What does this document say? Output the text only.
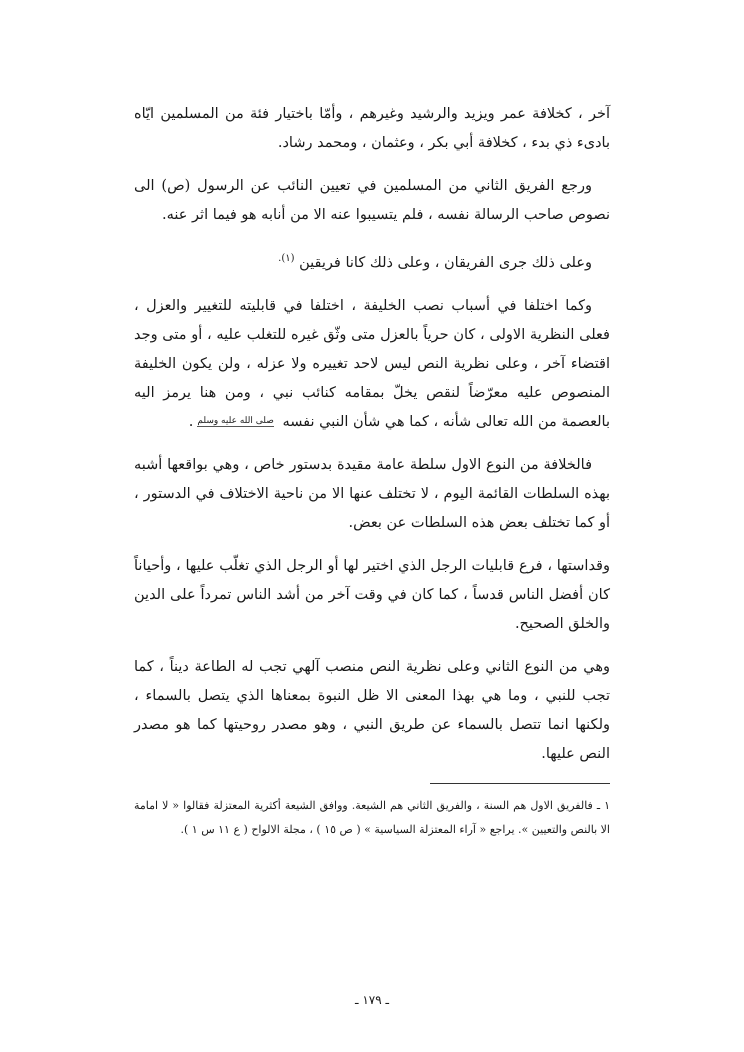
آخر ، كخلافة عمر ويزيد والرشيد وغيرهم ، وأمّا باختيار فئة من المسلمين ايّاه بادىء ذي بدء ، كخلافة أبي بكر ، وعثمان ، ومحمد رشاد.

ورجع الفريق الثاني من المسلمين في تعيين النائب عن الرسول (ص) الى نصوص صاحب الرسالة نفسه ، فلم يتسيبوا عنه الا من أنابه هو فيما اثر عنه.

وعلى ذلك جرى الفريقان ، وعلى ذلك كانا فريقين $^{(١).}$

وكما اختلفا في أسباب نصب الخليفة ، اختلفا في قابليته للتغيير والعزل ، فعلى النظرية الاولى ، كان حرياً بالعزل متى وثّق غيره للتغلب عليه ، أو متى وجد اقتضاء آخر ، وعلى نظرية النص ليس لاحد تغييره ولا عزله ، ولن يكون الخليفة المنصوص عليه معرّضاً لنقص يخلّ بمقامه كنائب نبي ، ومن هنا يرمز اليه بالعصمة من الله تعالى شأنه ، كما هي شأن النبي نفسه صلى الله عليه وسلم.

فالخلافة من النوع الاول سلطة عامة مقيدة بدستور خاص ، وهي بواقعها أشبه بهذه السلطات القائمة اليوم ، لا تختلف عنها الا من ناحية الاختلاف في الدستور ، أو كما تختلف بعض هذه السلطات عن بعض.

وقداستها ، فرع قابليات الرجل الذي اختير لها أو الرجل الذي تغلّب عليها ، وأحياناً كان أفضل الناس قدساً ، كما كان في وقت آخر من أشد الناس تمرداً على الدين والخلق الصحيح.

وهي من النوع الثاني وعلى نظرية النص منصب آلهي تجب له الطاعة ديناً ، كما تجب للنبي ، وما هي بهذا المعنى الا ظل النبوة بمعناها الذي يتصل بالسماء ، ولكنها انما تتصل بالسماء عن طريق النبي ، وهو مصدر روحيتها كما هو مصدر النص عليها.

١ ـ فالفريق الاول هم السنة ، والفريق الثاني هم الشيعة. ووافق الشيعة أكثرية المعتزلة فقالوا « لا امامة الا بالنص والتعيين ». يراجع « آراء المعتزلة السياسية » ( ص ١٥ ) ، مجلة الالواح ( ع ١١ س ١ ).

ـ ١٧٩ ـ
